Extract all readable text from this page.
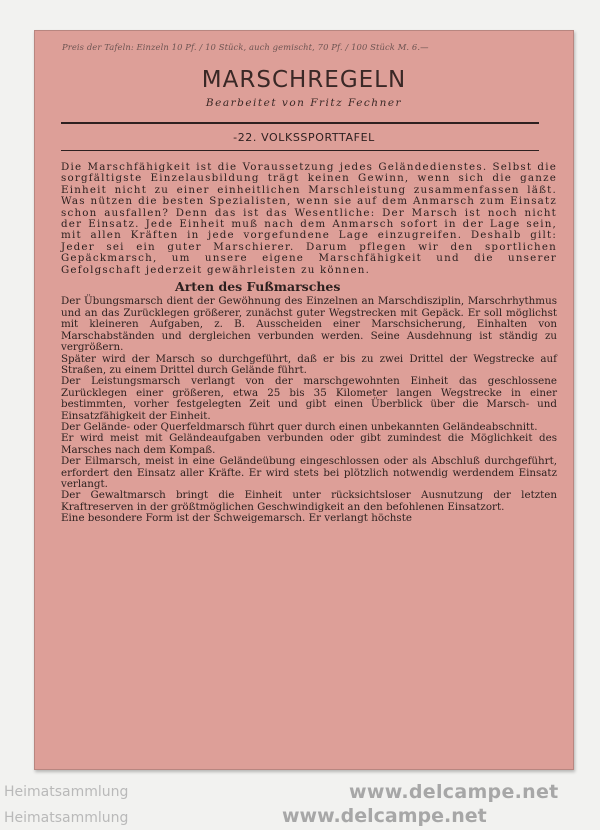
Preis der Tafeln: Einzeln 10 Pf. / 10 Stück, auch gemischt, 70 Pf. / 100 Stück M. 6.—
MARSCHREGELN
Bearbeitet von Fritz Fechner
-22. VOLKSSPORTTAFEL

Die Marschfähigkeit ist die Voraussetzung jedes Geländedienstes. Selbst die sorgfältigste Einzelausbildung trägt keinen Gewinn, wenn sich die ganze Einheit nicht zu einer einheitlichen Marschleistung zusammenfassen läßt. Was nützen die besten Spezialisten, wenn sie auf dem Anmarsch zum Einsatz schon ausfallen? Denn das ist das Wesentliche: Der Marsch ist noch nicht der Einsatz. Jede Einheit muß nach dem Anmarsch sofort in der Lage sein, mit allen Kräften in jede vorgefundene Lage einzugreifen. Deshalb gilt: Jeder sei ein guter Marschierer. Darum pflegen wir den sportlichen Gepäckmarsch, um unsere eigene Marschfähigkeit und die unserer Gefolgschaft jederzeit gewährleisten zu können.

Arten des Fußmarsches

Der Übungsmarsch dient der Gewöhnung des Einzelnen an Marschdisziplin, Marschrhythmus und an das Zurücklegen größerer, zunächst guter Wegstrecken mit Gepäck. Er soll möglichst mit kleineren Aufgaben, z. B. Ausscheiden einer Marschsicherung, Einhalten von Marschabständen und dergleichen verbunden werden. Seine Ausdehnung ist ständig zu vergrößern.

Später wird der Marsch so durchgeführt, daß er bis zu zwei Drittel der Wegstrecke auf Straßen, zu einem Drittel durch Gelände führt.

Der Leistungsmarsch verlangt von der marschgewohnten Einheit das geschlossene Zurücklegen einer größeren, etwa 25 bis 35 Kilometer langen Wegstrecke in einer bestimmten, vorher festgelegten Zeit und gibt einen Überblick über die Marsch- und Einsatzfähigkeit der Einheit.

Der Gelände- oder Querfeldmarsch führt quer durch einen unbekannten Geländeabschnitt.

Er wird meist mit Geländeaufgaben verbunden oder gibt zumindest die Möglichkeit des Marsches nach dem Kompaß.

Der Eilmarsch, meist in eine Geländeübung eingeschlossen oder als Abschluß durchgeführt, erfordert den Einsatz aller Kräfte. Er wird stets bei plötzlich notwendig werdendem Einsatz verlangt.

Der Gewaltmarsch bringt die Einheit unter rücksichtsloser Ausnutzung der letzten Kraftreserven in der größtmöglichen Geschwindigkeit an den befohlenen Einsatzort.

Eine besondere Form ist der Schweigemarsch. Er verlangt höchste

Heimatsammlung	www.delcampe.net
Heimatsammlung	www.delcampe.net
